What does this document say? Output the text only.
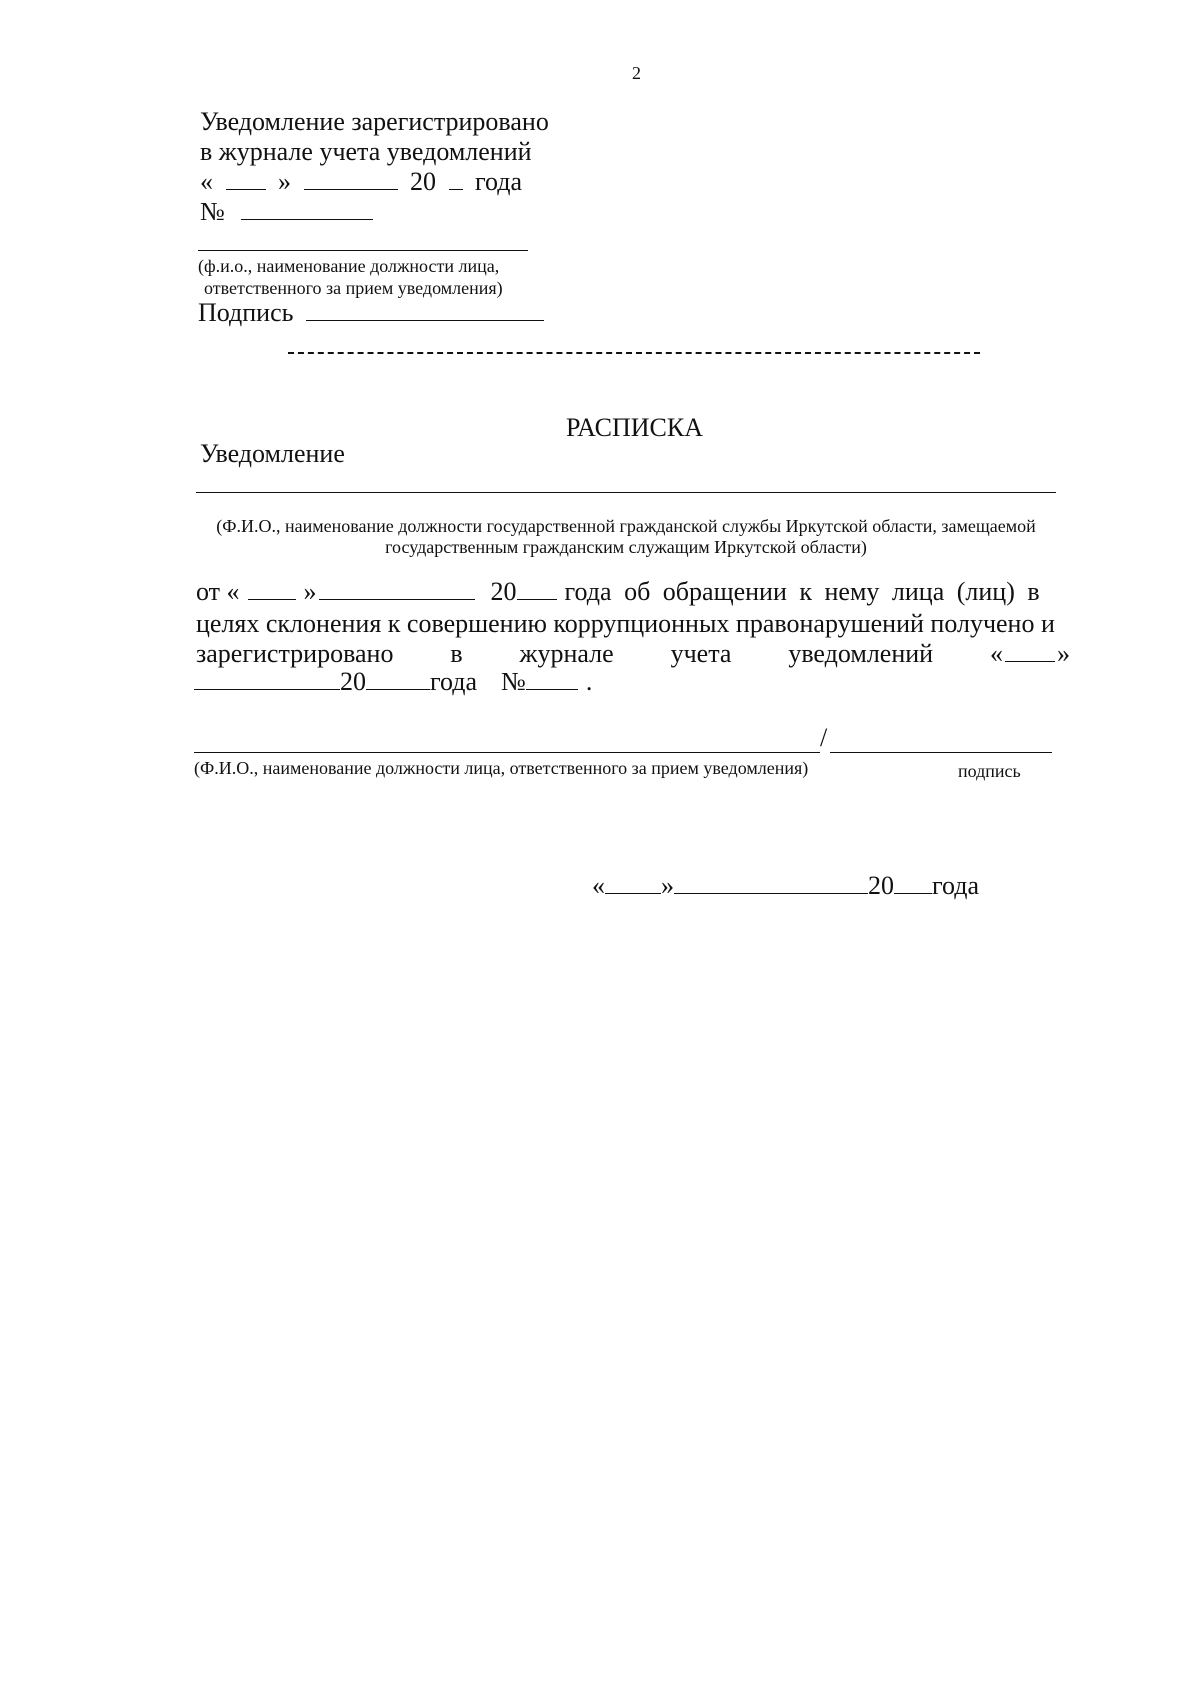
2
Уведомление зарегистрировано
в журнале учета уведомлений
«	»	20 года
№
(ф.и.о., наименование должности лица,
ответственного за прием уведомления)
Подпись
РАСПИСКА
Уведомление
(Ф.И.О., наименование должности государственной гражданской службы Иркутской области, замещаемой
государственным гражданским служащим Иркутской области)
от « »	20 года об обращении к нему лица (лиц) в
целях склонения к совершению коррупционных правонарушений получено и
зарегистрировано в журнале учета уведомлений « »
20 года № .
/
(Ф.И.О., наименование должности лица, ответственного за прием уведомления)	подпись
« »	20 года
